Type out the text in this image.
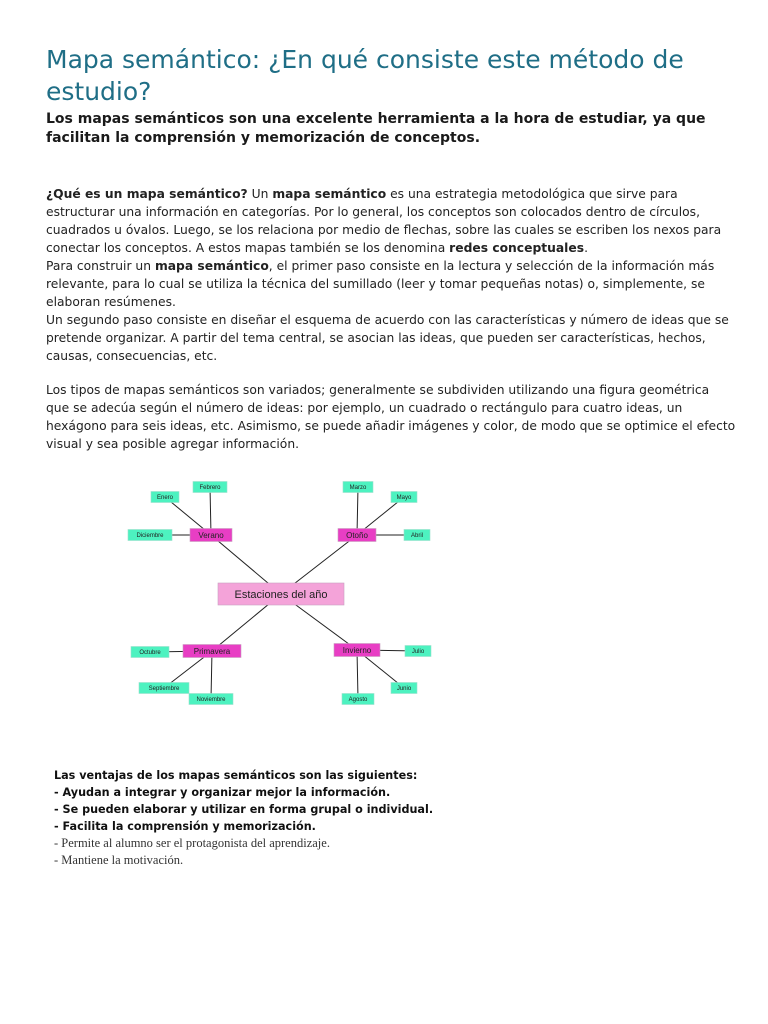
Mapa semántico: ¿En qué consiste este método de estudio?
Los mapas semánticos son una excelente herramienta a la hora de estudiar, ya que facilitan la comprensión y memorización de conceptos.

¿Qué es un mapa semántico? Un mapa semántico es una estrategia metodológica que sirve para estructurar una información en categorías. Por lo general, los conceptos son colocados dentro de círculos, cuadrados u óvalos. Luego, se los relaciona por medio de flechas, sobre las cuales se escriben los nexos para conectar los conceptos. A estos mapas también se los denomina redes conceptuales.

Para construir un mapa semántico, el primer paso consiste en la lectura y selección de la información más relevante, para lo cual se utiliza la técnica del sumillado (leer y tomar pequeñas notas) o, simplemente, se elaboran resúmenes.

Un segundo paso consiste en diseñar el esquema de acuerdo con las características y número de ideas que se pretende organizar. A partir del tema central, se asocian las ideas, que pueden ser características, hechos, causas, consecuencias, etc.

Los tipos de mapas semánticos son variados; generalmente se subdividen utilizando una figura geométrica que se adecúa según el número de ideas: por ejemplo, un cuadrado o rectángulo para cuatro ideas, un hexágono para seis ideas, etc. Asimismo, se puede añadir imágenes y color, de modo que se optimice el efecto visual y sea posible agregar información.
Estaciones del año
Verano	Otoño
Primavera	Invierno
Enero
Febrero
Diciembre
Marzo
Mayo
Abril
Octubre
Septiembre
Noviembre
Julio
Junio
Agosto
Las ventajas de los mapas semánticos son las siguientes:
- Ayudan a integrar y organizar mejor la información.
- Se pueden elaborar y utilizar en forma grupal o individual.
- Facilita la comprensión y memorización.
- Permite al alumno ser el protagonista del aprendizaje.
- Mantiene la motivación.
